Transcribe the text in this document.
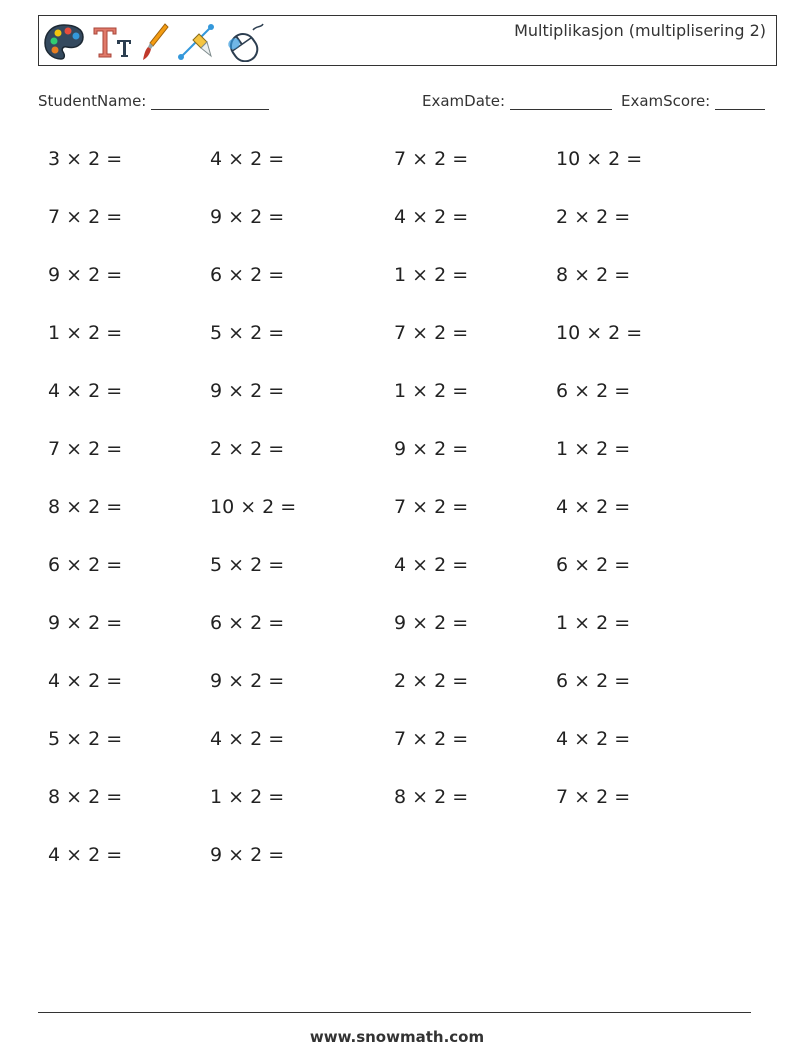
Multiplikasjon (multiplisering 2)
StudentName:	ExamDate:	ExamScore:
3 × 2 =	4 × 2 =	7 × 2 =	10 × 2 =
7 × 2 =	9 × 2 =	4 × 2 =	2 × 2 =
9 × 2 =	6 × 2 =	1 × 2 =	8 × 2 =
1 × 2 =	5 × 2 =	7 × 2 =	10 × 2 =
4 × 2 =	9 × 2 =	1 × 2 =	6 × 2 =
7 × 2 =	2 × 2 =	9 × 2 =	1 × 2 =
8 × 2 =	10 × 2 =	7 × 2 =	4 × 2 =
6 × 2 =	5 × 2 =	4 × 2 =	6 × 2 =
9 × 2 =	6 × 2 =	9 × 2 =	1 × 2 =
4 × 2 =	9 × 2 =	2 × 2 =	6 × 2 =
5 × 2 =	4 × 2 =	7 × 2 =	4 × 2 =
8 × 2 =	1 × 2 =	8 × 2 =	7 × 2 =
4 × 2 =	9 × 2 =
www.snowmath.com
